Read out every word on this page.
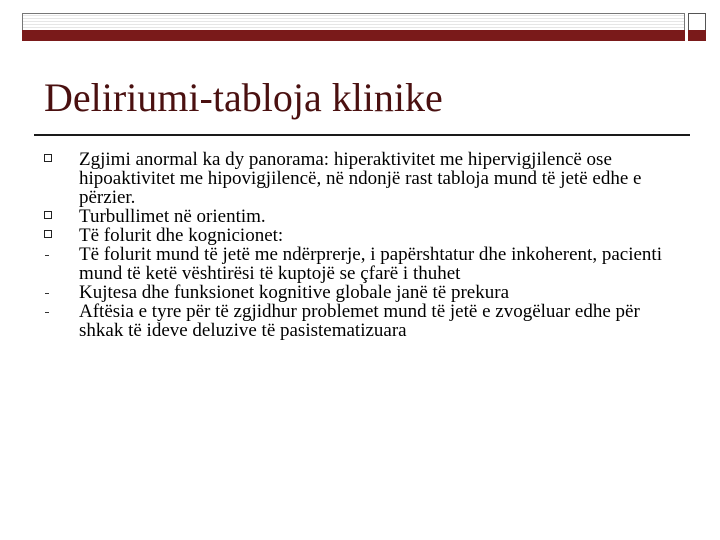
Deliriumi-tabloja klinike
Zgjimi anormal ka dy panorama: hiperaktivitet me hipervigjilencë ose hipoaktivitet me hipovigjilencë, në ndonjë rast tabloja mund të jetë edhe e përzier.
Turbullimet në orientim.
Të folurit dhe kognicionet:
Të folurit mund të jetë me ndërprerje, i papërshtatur dhe inkoherent, pacienti mund të ketë vështirësi të kuptojë se çfarë i thuhet
Kujtesa dhe funksionet kognitive globale janë të prekura
Aftësia e tyre për të zgjidhur problemet mund të jetë e zvogëluar edhe për shkak të ideve deluzive të pasistematizuara
